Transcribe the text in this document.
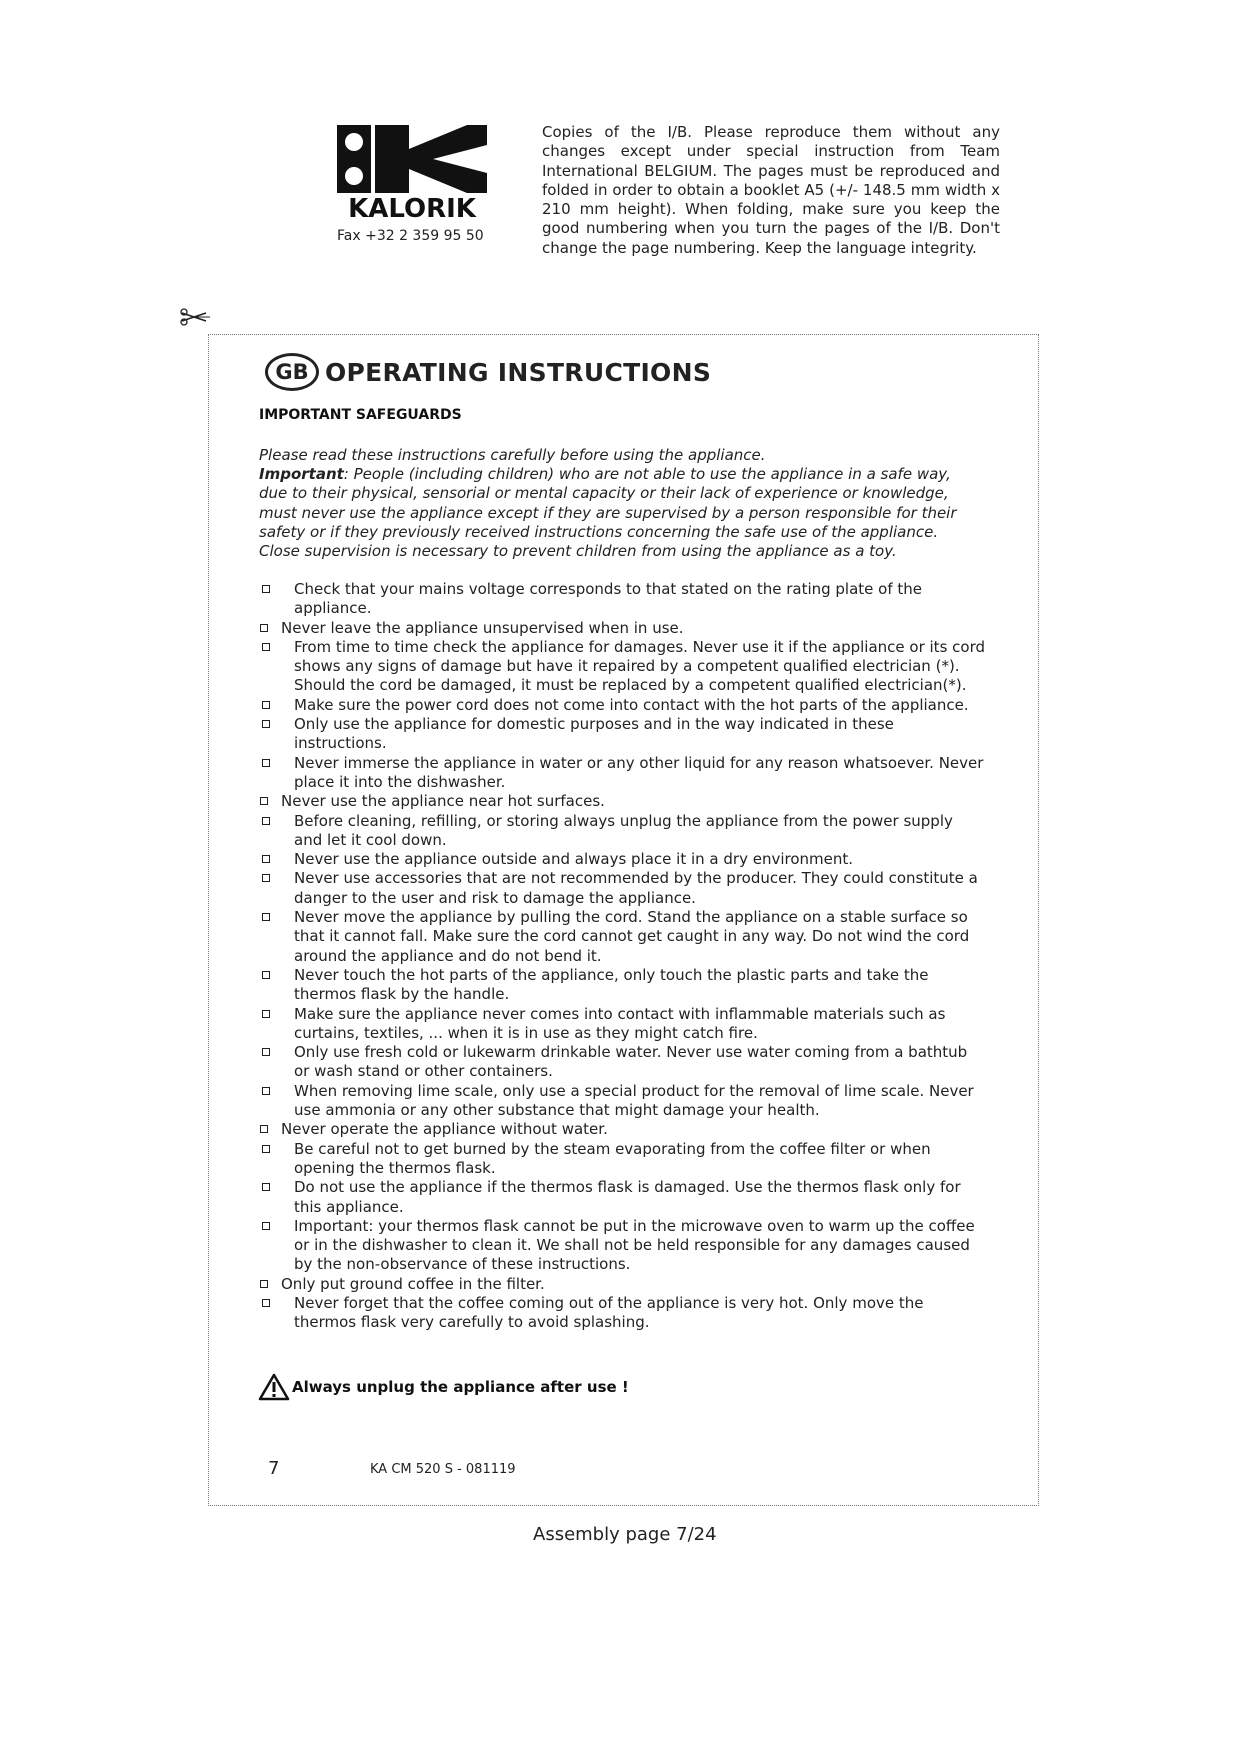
KALORIK
Fax +32 2 359 95 50
Copies of the I/B. Please reproduce them without any changes except under special instruction from Team International BELGIUM. The pages must be reproduced and folded in order to obtain a booklet A5 (+/- 148.5 mm width x 210 mm height). When folding, make sure you keep the good numbering when you turn the pages of the I/B. Don't change the page numbering. Keep the language integrity.
GB OPERATING INSTRUCTIONS
IMPORTANT SAFEGUARDS
Please read these instructions carefully before using the appliance.
Important: People (including children) who are not able to use the appliance in a safe way, due to their physical, sensorial or mental capacity or their lack of experience or knowledge, must never use the appliance except if they are supervised by a person responsible for their safety or if they previously received instructions concerning the safe use of the appliance. Close supervision is necessary to prevent children from using the appliance as a toy.
Check that your mains voltage corresponds to that stated on the rating plate of the appliance.
Never leave the appliance unsupervised when in use.
From time to time check the appliance for damages. Never use it if the appliance or its cord shows any signs of damage but have it repaired by a competent qualified electrician (*). Should the cord be damaged, it must be replaced by a competent qualified electrician(*).
Make sure the power cord does not come into contact with the hot parts of the appliance.
Only use the appliance for domestic purposes and in the way indicated in these instructions.
Never immerse the appliance in water or any other liquid for any reason whatsoever. Never place it into the dishwasher.
Never use the appliance near hot surfaces.
Before cleaning, refilling, or storing always unplug the appliance from the power supply and let it cool down.
Never use the appliance outside and always place it in a dry environment.
Never use accessories that are not recommended by the producer. They could constitute a danger to the user and risk to damage the appliance.
Never move the appliance by pulling the cord. Stand the appliance on a stable surface so that it cannot fall. Make sure the cord cannot get caught in any way. Do not wind the cord around the appliance and do not bend it.
Never touch the hot parts of the appliance, only touch the plastic parts and take the thermos flask by the handle.
Make sure the appliance never comes into contact with inflammable materials such as curtains, textiles, ... when it is in use as they might catch fire.
Only use fresh cold or lukewarm drinkable water. Never use water coming from a bathtub or wash stand or other containers.
When removing lime scale, only use a special product for the removal of lime scale. Never use ammonia or any other substance that might damage your health.
Never operate the appliance without water.
Be careful not to get burned by the steam evaporating from the coffee filter or when opening the thermos flask.
Do not use the appliance if the thermos flask is damaged. Use the thermos flask only for this appliance.
Important: your thermos flask cannot be put in the microwave oven to warm up the coffee or in the dishwasher to clean it. We shall not be held responsible for any damages caused by the non-observance of these instructions.
Only put ground coffee in the filter.
Never forget that the coffee coming out of the appliance is very hot. Only move the thermos flask very carefully to avoid splashing.
Always unplug the appliance after use !
7	KA CM 520 S - 081119
Assembly page 7/24
